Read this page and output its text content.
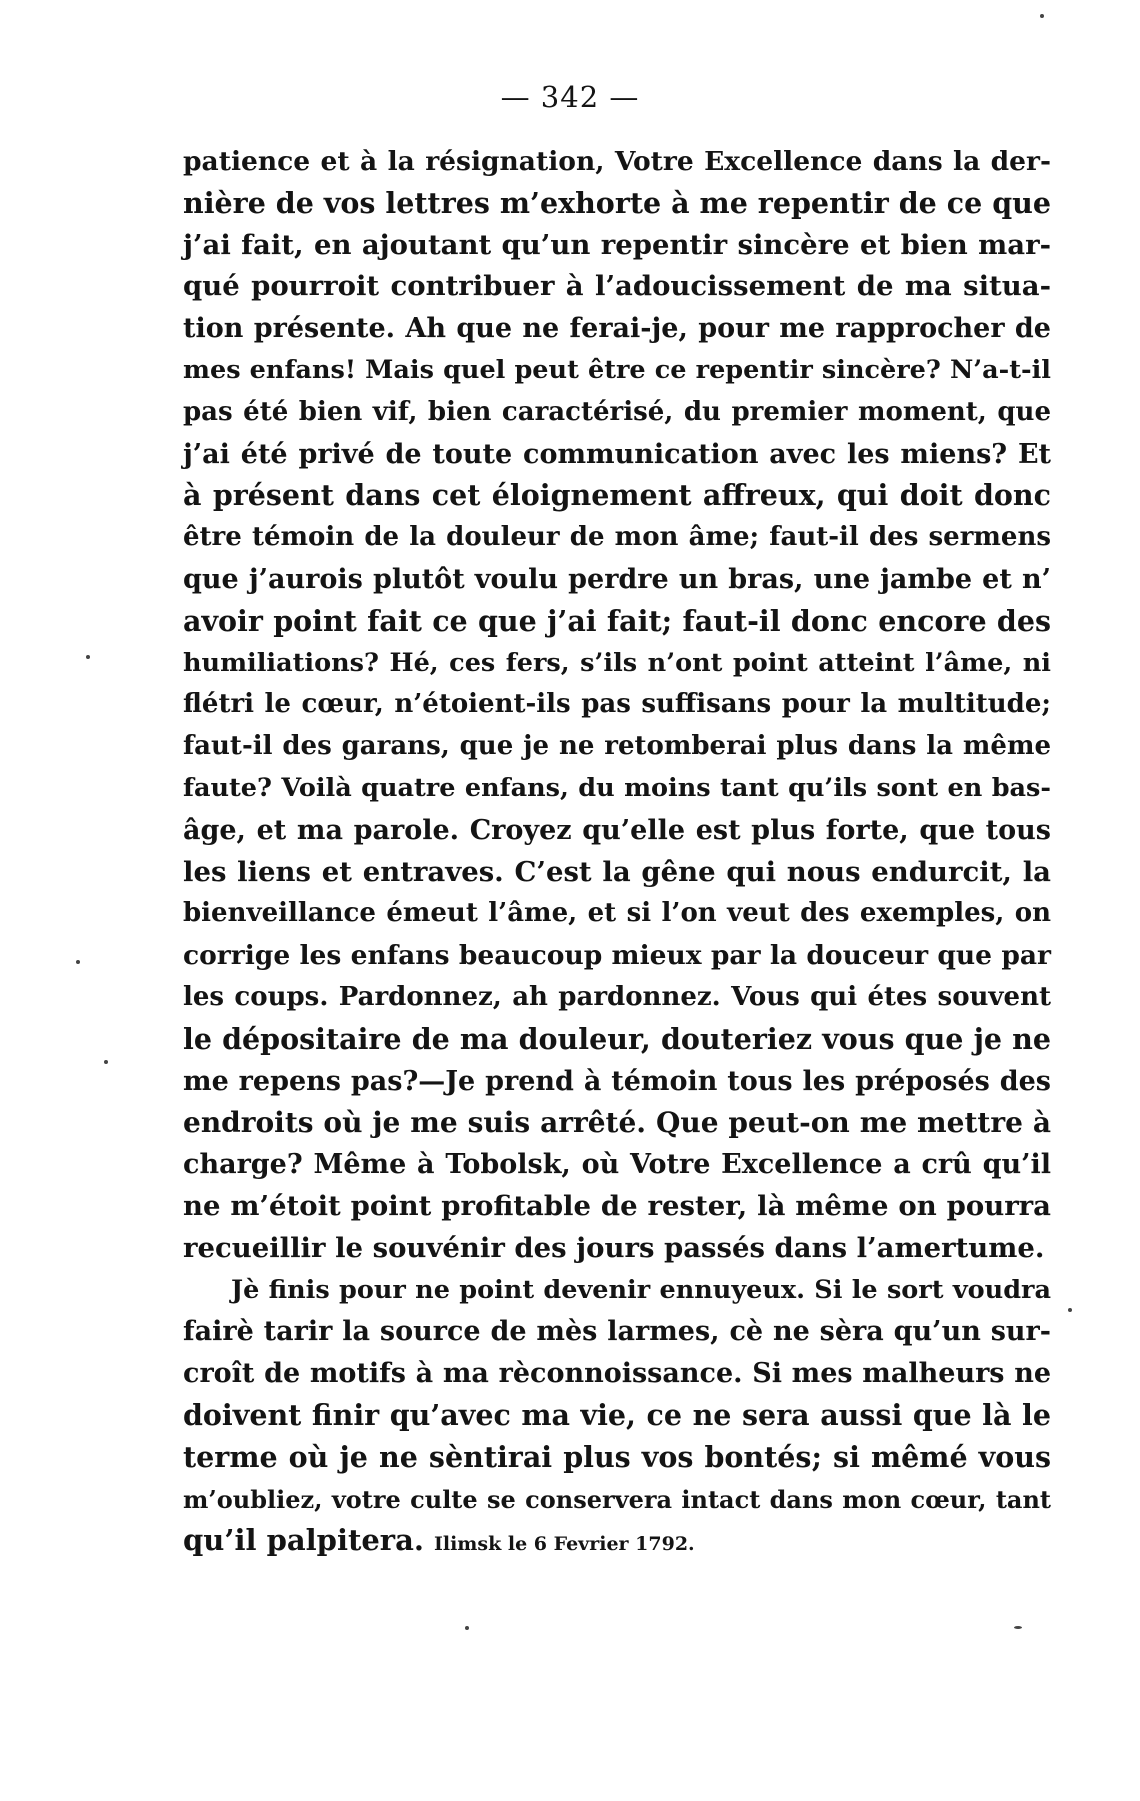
— 342 —
patience et à la résignation, Votre Excellence dans la der-
nière de vos lettres m’exhorte à me repentir de ce que
j’ai fait, en ajoutant qu’un repentir sincère et bien mar-
qué pourroit contribuer à l’adoucissement de ma situa-
tion présente. Ah que ne ferai-je, pour me rapprocher de
mes enfans! Mais quel peut être ce repentir sincère? N’a-t-il
pas été bien vif, bien caractérisé, du premier moment, que
j’ai été privé de toute communication avec les miens? Et
à présent dans cet éloignement affreux, qui doit donc
être témoin de la douleur de mon âme; faut-il des sermens
que j’aurois plutôt voulu perdre un bras, une jambe et n’
avoir point fait ce que j’ai fait; faut-il donc encore des
humiliations? Hé, ces fers, s’ils n’ont point atteint l’âme, ni
flétri le cœur, n’étoient-ils pas suffisans pour la multitude;
faut-il des garans, que je ne retomberai plus dans la même
faute? Voilà quatre enfans, du moins tant qu’ils sont en bas-
âge, et ma parole. Croyez qu’elle est plus forte, que tous
les liens et entraves. C’est la gêne qui nous endurcit, la
bienveillance émeut l’âme, et si l’on veut des exemples, on
corrige les enfans beaucoup mieux par la douceur que par
les coups. Pardonnez, ah pardonnez. Vous qui étes souvent
le dépositaire de ma douleur, douteriez vous que je ne
me repens pas?—Je prend à témoin tous les préposés des
endroits où je me suis arrêté. Que peut-on me mettre à
charge? Même à Tobolsk, où Votre Excellence a crû qu’il
ne m’étoit point profitable de rester, là même on pourra
recueillir le souvénir des jours passés dans l’amertume.
Jè finis pour ne point devenir ennuyeux. Si le sort voudra
fairè tarir la source de mès larmes, cè ne sèra qu’un sur-
croît de motifs à ma rèconnoissance. Si mes malheurs ne
doivent finir qu’avec ma vie, ce ne sera aussi que là le
terme où je ne sèntirai plus vos bontés; si mêmé vous
m’oubliez, votre culte se conservera intact dans mon cœur, tant
qu’il palpitera. Ilimsk le 6 Fevrier 1792.
